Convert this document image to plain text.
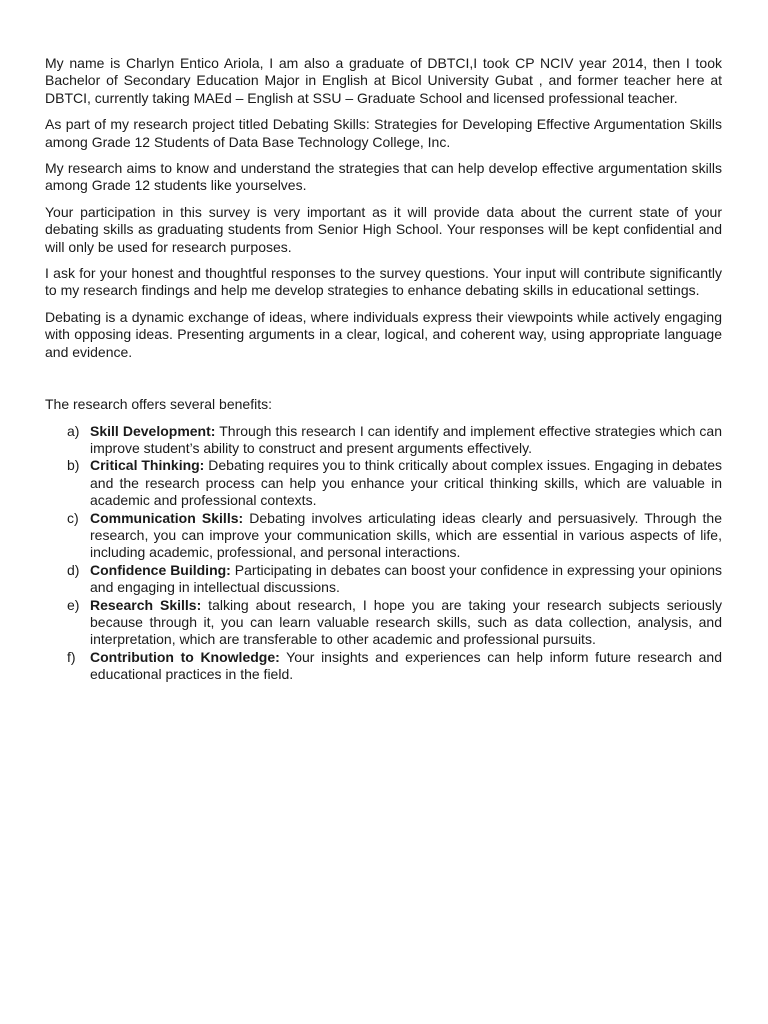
My name is Charlyn Entico Ariola, I am also a graduate of DBTCI,I took CP NCIV year 2014, then I took Bachelor of Secondary Education Major in English at Bicol University Gubat , and former teacher here at DBTCI, currently taking MAEd – English at SSU – Graduate School and licensed professional teacher.

As part of my research project titled Debating Skills: Strategies for Developing Effective Argumentation Skills among Grade 12 Students of Data Base Technology College, Inc.

My research aims to know and understand the strategies that can help develop effective argumentation skills among Grade 12 students like yourselves.

Your participation in this survey is very important as it will provide data about the current state of your debating skills as graduating students from Senior High School. Your responses will be kept confidential and will only be used for research purposes.

I ask for your honest and thoughtful responses to the survey questions. Your input will contribute significantly to my research findings and help me develop strategies to enhance debating skills in educational settings.

Debating is a dynamic exchange of ideas, where individuals express their viewpoints while actively engaging with opposing ideas. Presenting arguments in a clear, logical, and coherent way, using appropriate language and evidence.

The research offers several benefits:

a) Skill Development: Through this research I can identify and implement effective strategies which can improve student’s ability to construct and present arguments effectively.
b) Critical Thinking: Debating requires you to think critically about complex issues. Engaging in debates and the research process can help you enhance your critical thinking skills, which are valuable in academic and professional contexts.
c) Communication Skills: Debating involves articulating ideas clearly and persuasively. Through the research, you can improve your communication skills, which are essential in various aspects of life, including academic, professional, and personal interactions.
d) Confidence Building: Participating in debates can boost your confidence in expressing your opinions and engaging in intellectual discussions.
e) Research Skills: talking about research, I hope you are taking your research subjects seriously because through it, you can learn valuable research skills, such as data collection, analysis, and interpretation, which are transferable to other academic and professional pursuits.
f) Contribution to Knowledge: Your insights and experiences can help inform future research and educational practices in the field.
